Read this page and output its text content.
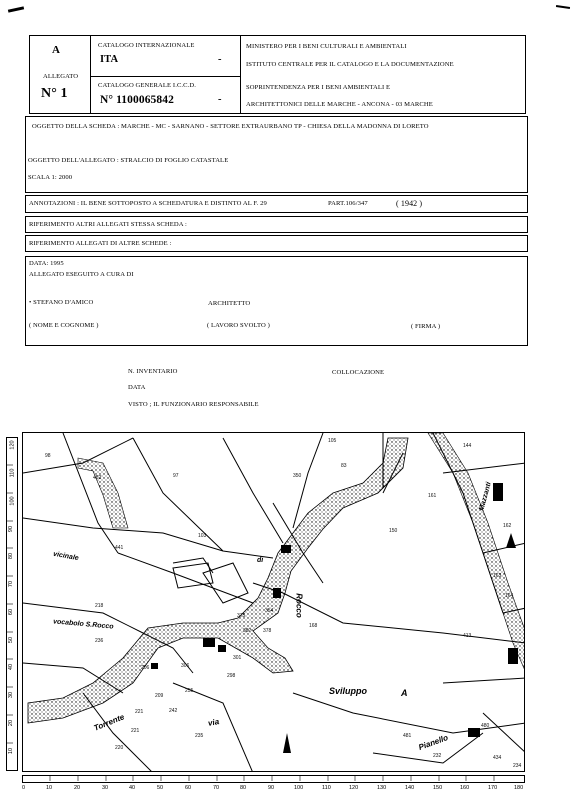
A
ALLEGATO
N° 1
CATALOGO INTERNAZIONALE
ITA	-
CATALOGO GENERALE I.C.C.D.
N° 1100065842	-
MINISTERO PER I BENI CULTURALI E AMBIENTALI
ISTITUTO CENTRALE PER IL CATALOGO E LA DOCUMENTAZIONE
SOPRINTENDENZA PER I BENI AMBIENTALI E
ARCHITETTONICI DELLE MARCHE - ANCONA - 03 MARCHE
OGGETTO DELLA SCHEDA : MARCHE - MC - SARNANO - SETTORE EXTRAURBANO TP - CHIESA DELLA MADONNA DI LORETO
OGGETTO DELL'ALLEGATO : STRALCIO DI FOGLIO CATASTALE
SCALA 1: 2000
ANNOTAZIONI : IL BENE SOTTOPOSTO A SCHEDATURA E DISTINTO AL F. 29	PART.106/347	( 1942 )
RIFERIMENTO ALTRI ALLEGATI STESSA SCHEDA :
RIFERIMENTO ALLEGATI DI ALTRE SCHEDE :
DATA: 1995
ALLEGATO ESEGUITO A CURA DI
• STEFANO D'AMICO	ARCHITETTO
( NOME E COGNOME )	( LAVORO SVOLTO )	( FIRMA )
N. INVENTARIO	COLLOCAZIONE
DATA
VISTO ; IL FUNZIONARIO RESPONSABILE
120
110
100
90
80
70
60
50
40
30
20
10
vicinale	di
Rocco
vocabolo S.Rocco
Torrente	via
Sviluppo	A
Pianello
Mazzanti
98
452
83
161
162
163
164
168
441
218
236
255
209
298
306
206
301
221
220
242
235
150
480
434
413
375
382 378
354
221
232
234
481
350
103
144
105
97
0	10	20	30	40	50	60	70	80	90	100	110	120	130	140	150	160	170	180
